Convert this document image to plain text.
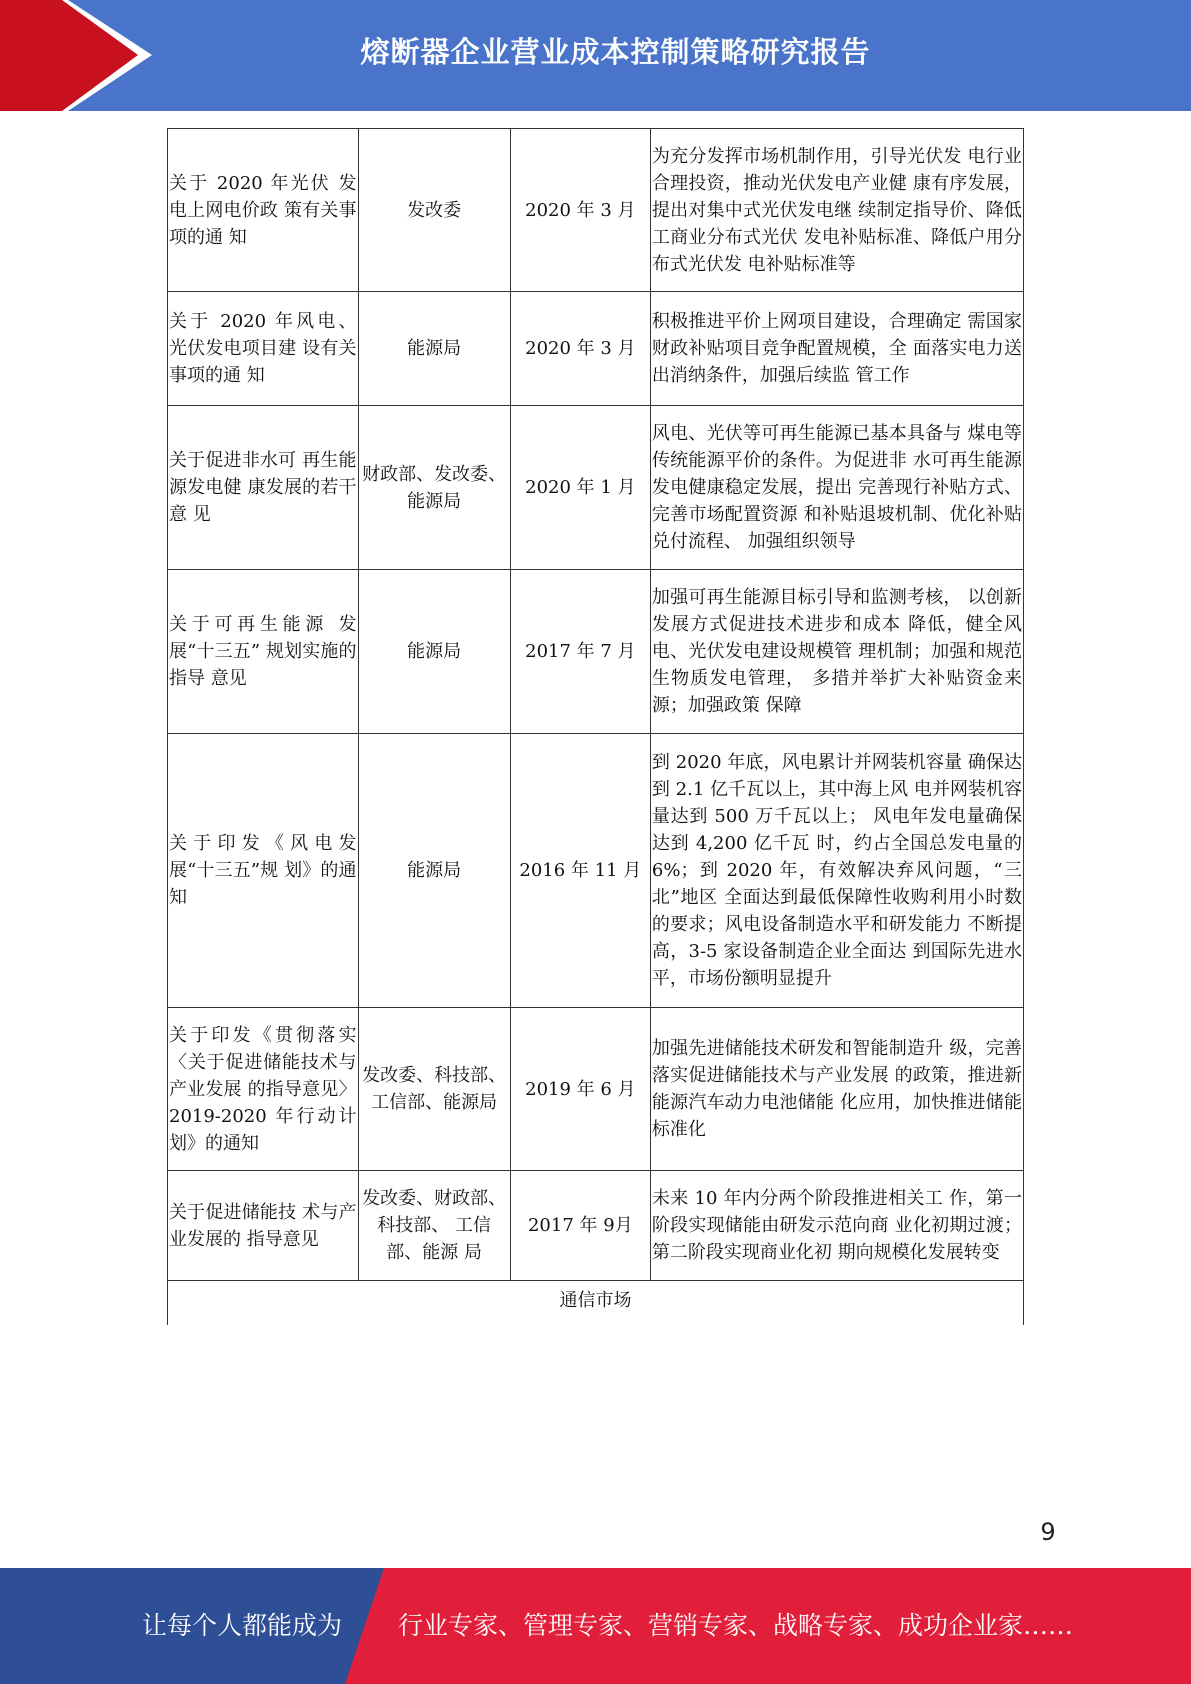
熔断器企业营业成本控制策略研究报告
关于 2020 年光伏 发电上网电价政 策有关事项的通 知	发改委	2020 年 3 月	为充分发挥市场机制作用，引导光伏发 电行业合理投资，推动光伏发电产业健 康有序发展，提出对集中式光伏发电继 续制定指导价、降低工商业分布式光伏 发电补贴标准、降低户用分布式光伏发 电补贴标准等
关于 2020 年风电、 光伏发电项目建 设有关事项的通 知	能源局	2020 年 3 月	积极推进平价上网项目建设，合理确定 需国家财政补贴项目竞争配置规模，全 面落实电力送出消纳条件，加强后续监 管工作
关于促进非水可 再生能源发电健 康发展的若干意 见	财政部、发改委、能源局	2020 年 1 月	风电、光伏等可再生能源已基本具备与 煤电等传统能源平价的条件。为促进非 水可再生能源发电健康稳定发展，提出 完善现行补贴方式、完善市场配置资源 和补贴退坡机制、优化补贴兑付流程、 加强组织领导
关于可再生能源 发展“十三五” 规划实施的指导 意见	能源局	2017 年 7 月	加强可再生能源目标引导和监测考核， 以创新发展方式促进技术进步和成本 降低，健全风电、光伏发电建设规模管 理机制；加强和规范生物质发电管理， 多措并举扩大补贴资金来源；加强政策 保障
关于印发《风电发 展“十三五”规 划》的通知	能源局	2016 年 11 月	到 2020 年底，风电累计并网装机容量 确保达到 2.1 亿千瓦以上，其中海上风 电并网装机容量达到 500 万千瓦以上； 风电年发电量确保达到 4,200 亿千瓦 时，约占全国总发电量的 6%；到 2020 年，有效解决弃风问题，“三北”地区 全面达到最低保障性收购利用小时数 的要求；风电设备制造水平和研发能力 不断提高，3-5 家设备制造企业全面达 到国际先进水平，市场份额明显提升
关于印发《贯彻落实〈关于促进储能技术与产业发展 的指导意见〉2019-2020 年行动计划》的通知	发改委、科技部、工信部、能源局	2019 年 6 月	加强先进储能技术研发和智能制造升 级，完善落实促进储能技术与产业发展 的政策，推进新能源汽车动力电池储能 化应用，加快推进储能标准化
关于促进储能技 术与产业发展的 指导意见	发改委、财政部、科技部、 工信部、能源 局	2017 年 9月	未来 10 年内分两个阶段推进相关工 作，第一阶段实现储能由研发示范向商 业化初期过渡；第二阶段实现商业化初 期向规模化发展转变
通信市场			
9
让每个人都能成为 行业专家、管理专家、营销专家、战略专家、成功企业家……
